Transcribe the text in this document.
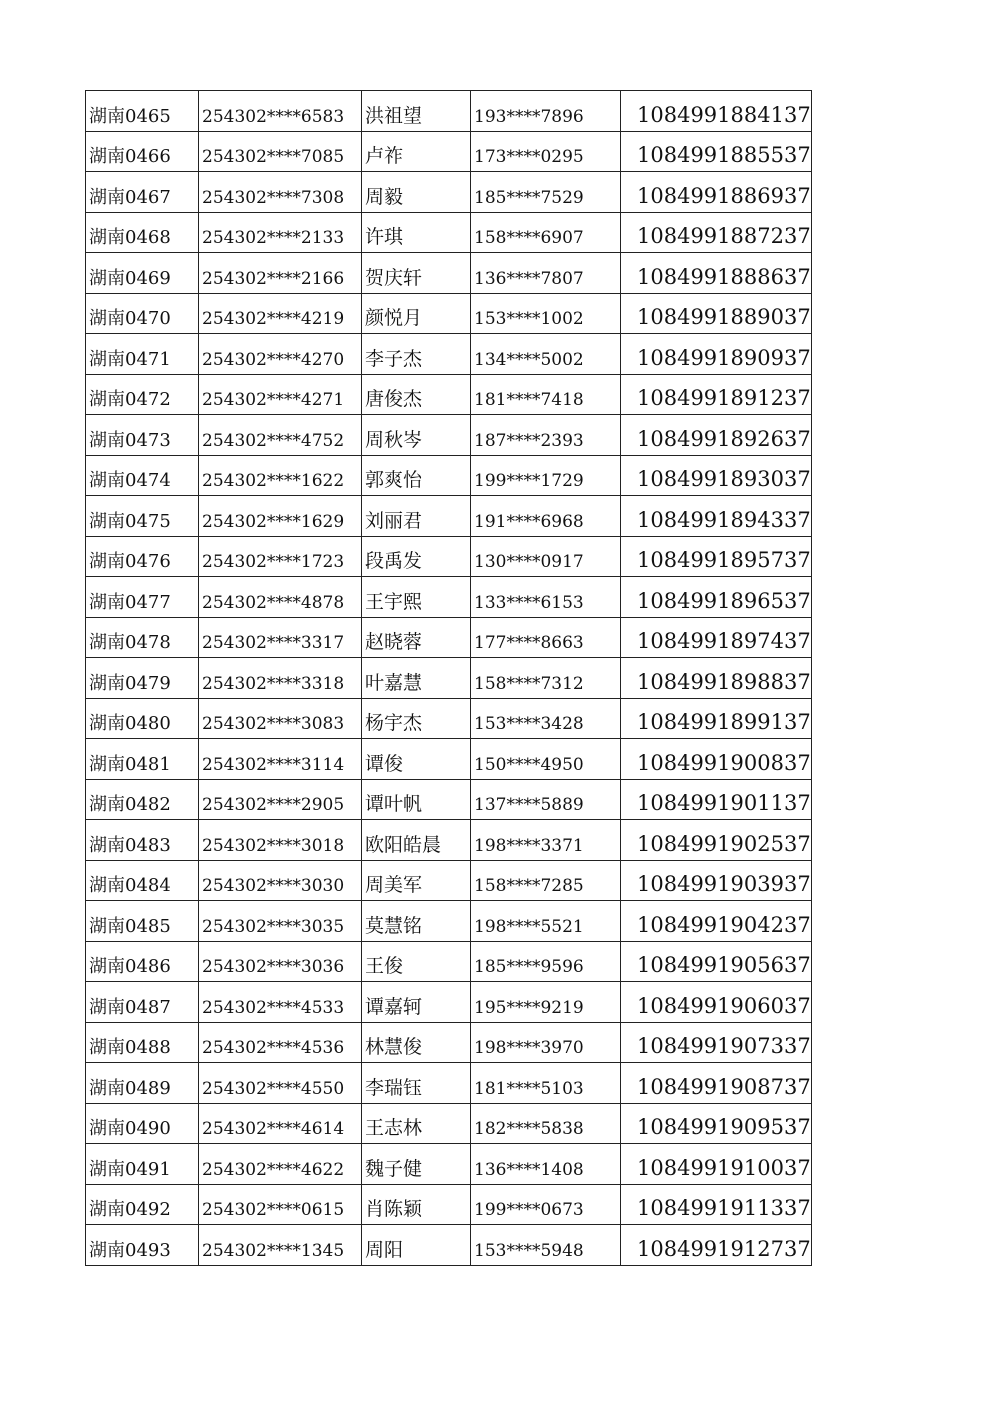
湖南0465	254302****6583	洪祖望	193****7896	1084991884137
湖南0466	254302****7085	卢祚	173****0295	1084991885537
湖南0467	254302****7308	周毅	185****7529	1084991886937
湖南0468	254302****2133	许琪	158****6907	1084991887237
湖南0469	254302****2166	贺庆轩	136****7807	1084991888637
湖南0470	254302****4219	颜悦月	153****1002	1084991889037
湖南0471	254302****4270	李子杰	134****5002	1084991890937
湖南0472	254302****4271	唐俊杰	181****7418	1084991891237
湖南0473	254302****4752	周秋岑	187****2393	1084991892637
湖南0474	254302****1622	郭爽怡	199****1729	1084991893037
湖南0475	254302****1629	刘丽君	191****6968	1084991894337
湖南0476	254302****1723	段禹发	130****0917	1084991895737
湖南0477	254302****4878	王宇熙	133****6153	1084991896537
湖南0478	254302****3317	赵晓蓉	177****8663	1084991897437
湖南0479	254302****3318	叶嘉慧	158****7312	1084991898837
湖南0480	254302****3083	杨宇杰	153****3428	1084991899137
湖南0481	254302****3114	谭俊	150****4950	1084991900837
湖南0482	254302****2905	谭叶帆	137****5889	1084991901137
湖南0483	254302****3018	欧阳皓晨	198****3371	1084991902537
湖南0484	254302****3030	周美军	158****7285	1084991903937
湖南0485	254302****3035	莫慧铭	198****5521	1084991904237
湖南0486	254302****3036	王俊	185****9596	1084991905637
湖南0487	254302****4533	谭嘉轲	195****9219	1084991906037
湖南0488	254302****4536	林慧俊	198****3970	1084991907337
湖南0489	254302****4550	李瑞钰	181****5103	1084991908737
湖南0490	254302****4614	王志林	182****5838	1084991909537
湖南0491	254302****4622	魏子健	136****1408	1084991910037
湖南0492	254302****0615	肖陈颖	199****0673	1084991911337
湖南0493	254302****1345	周阳	153****5948	1084991912737
